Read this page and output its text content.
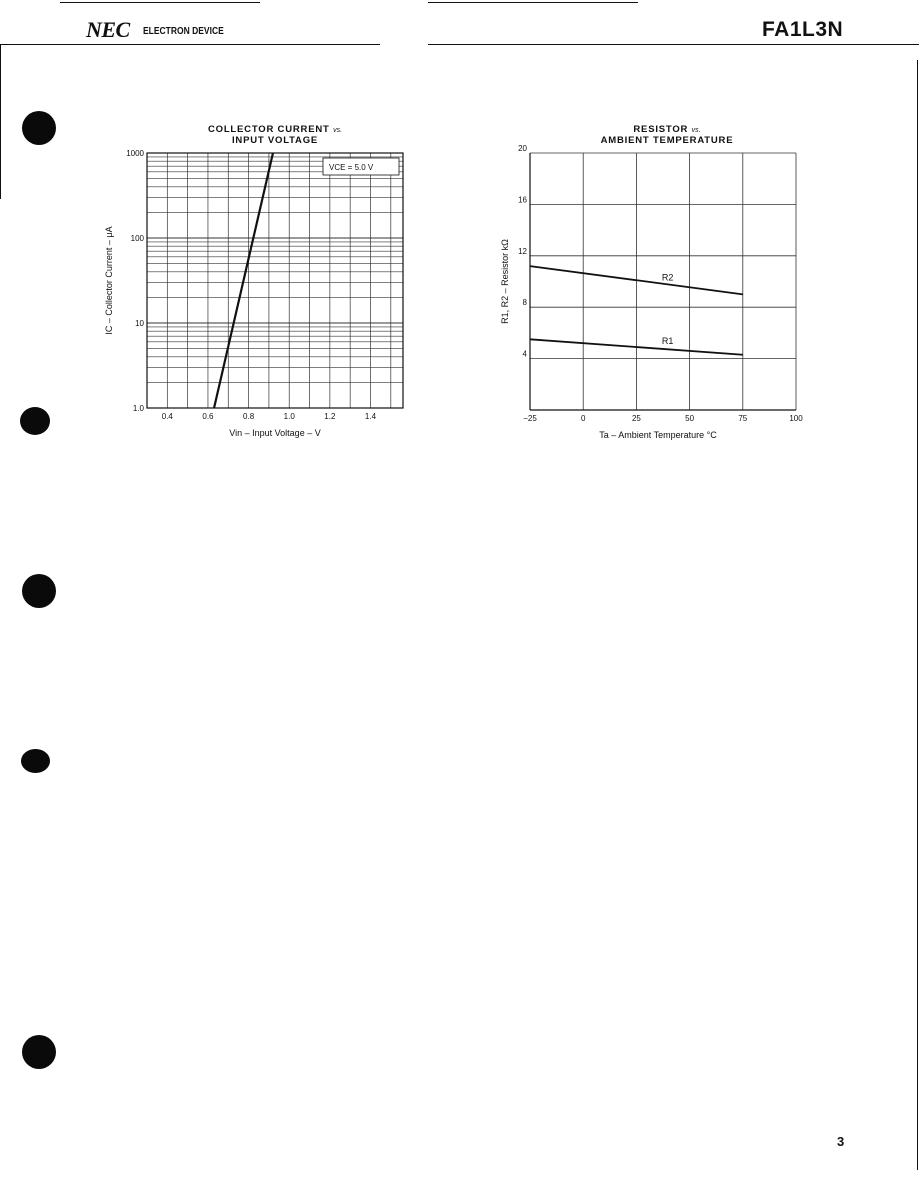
NEC ELECTRON DEVICE	FA1L3N
COLLECTOR CURRENT vs.
INPUT VOLTAGE
RESISTOR vs.
AMBIENT TEMPERATURE
0.4	0.6	0.8	1.0	1.2	1.4
1.0
10
100
1000
VCE = 5.0 V
Vin – Input Voltage – V
IC – Collector Current – μA
−25	0	25	50	75	100
4
8
12
16
20
R2
R1
Ta – Ambient Temperature °C
R1, R2 – Resistor kΩ
3
